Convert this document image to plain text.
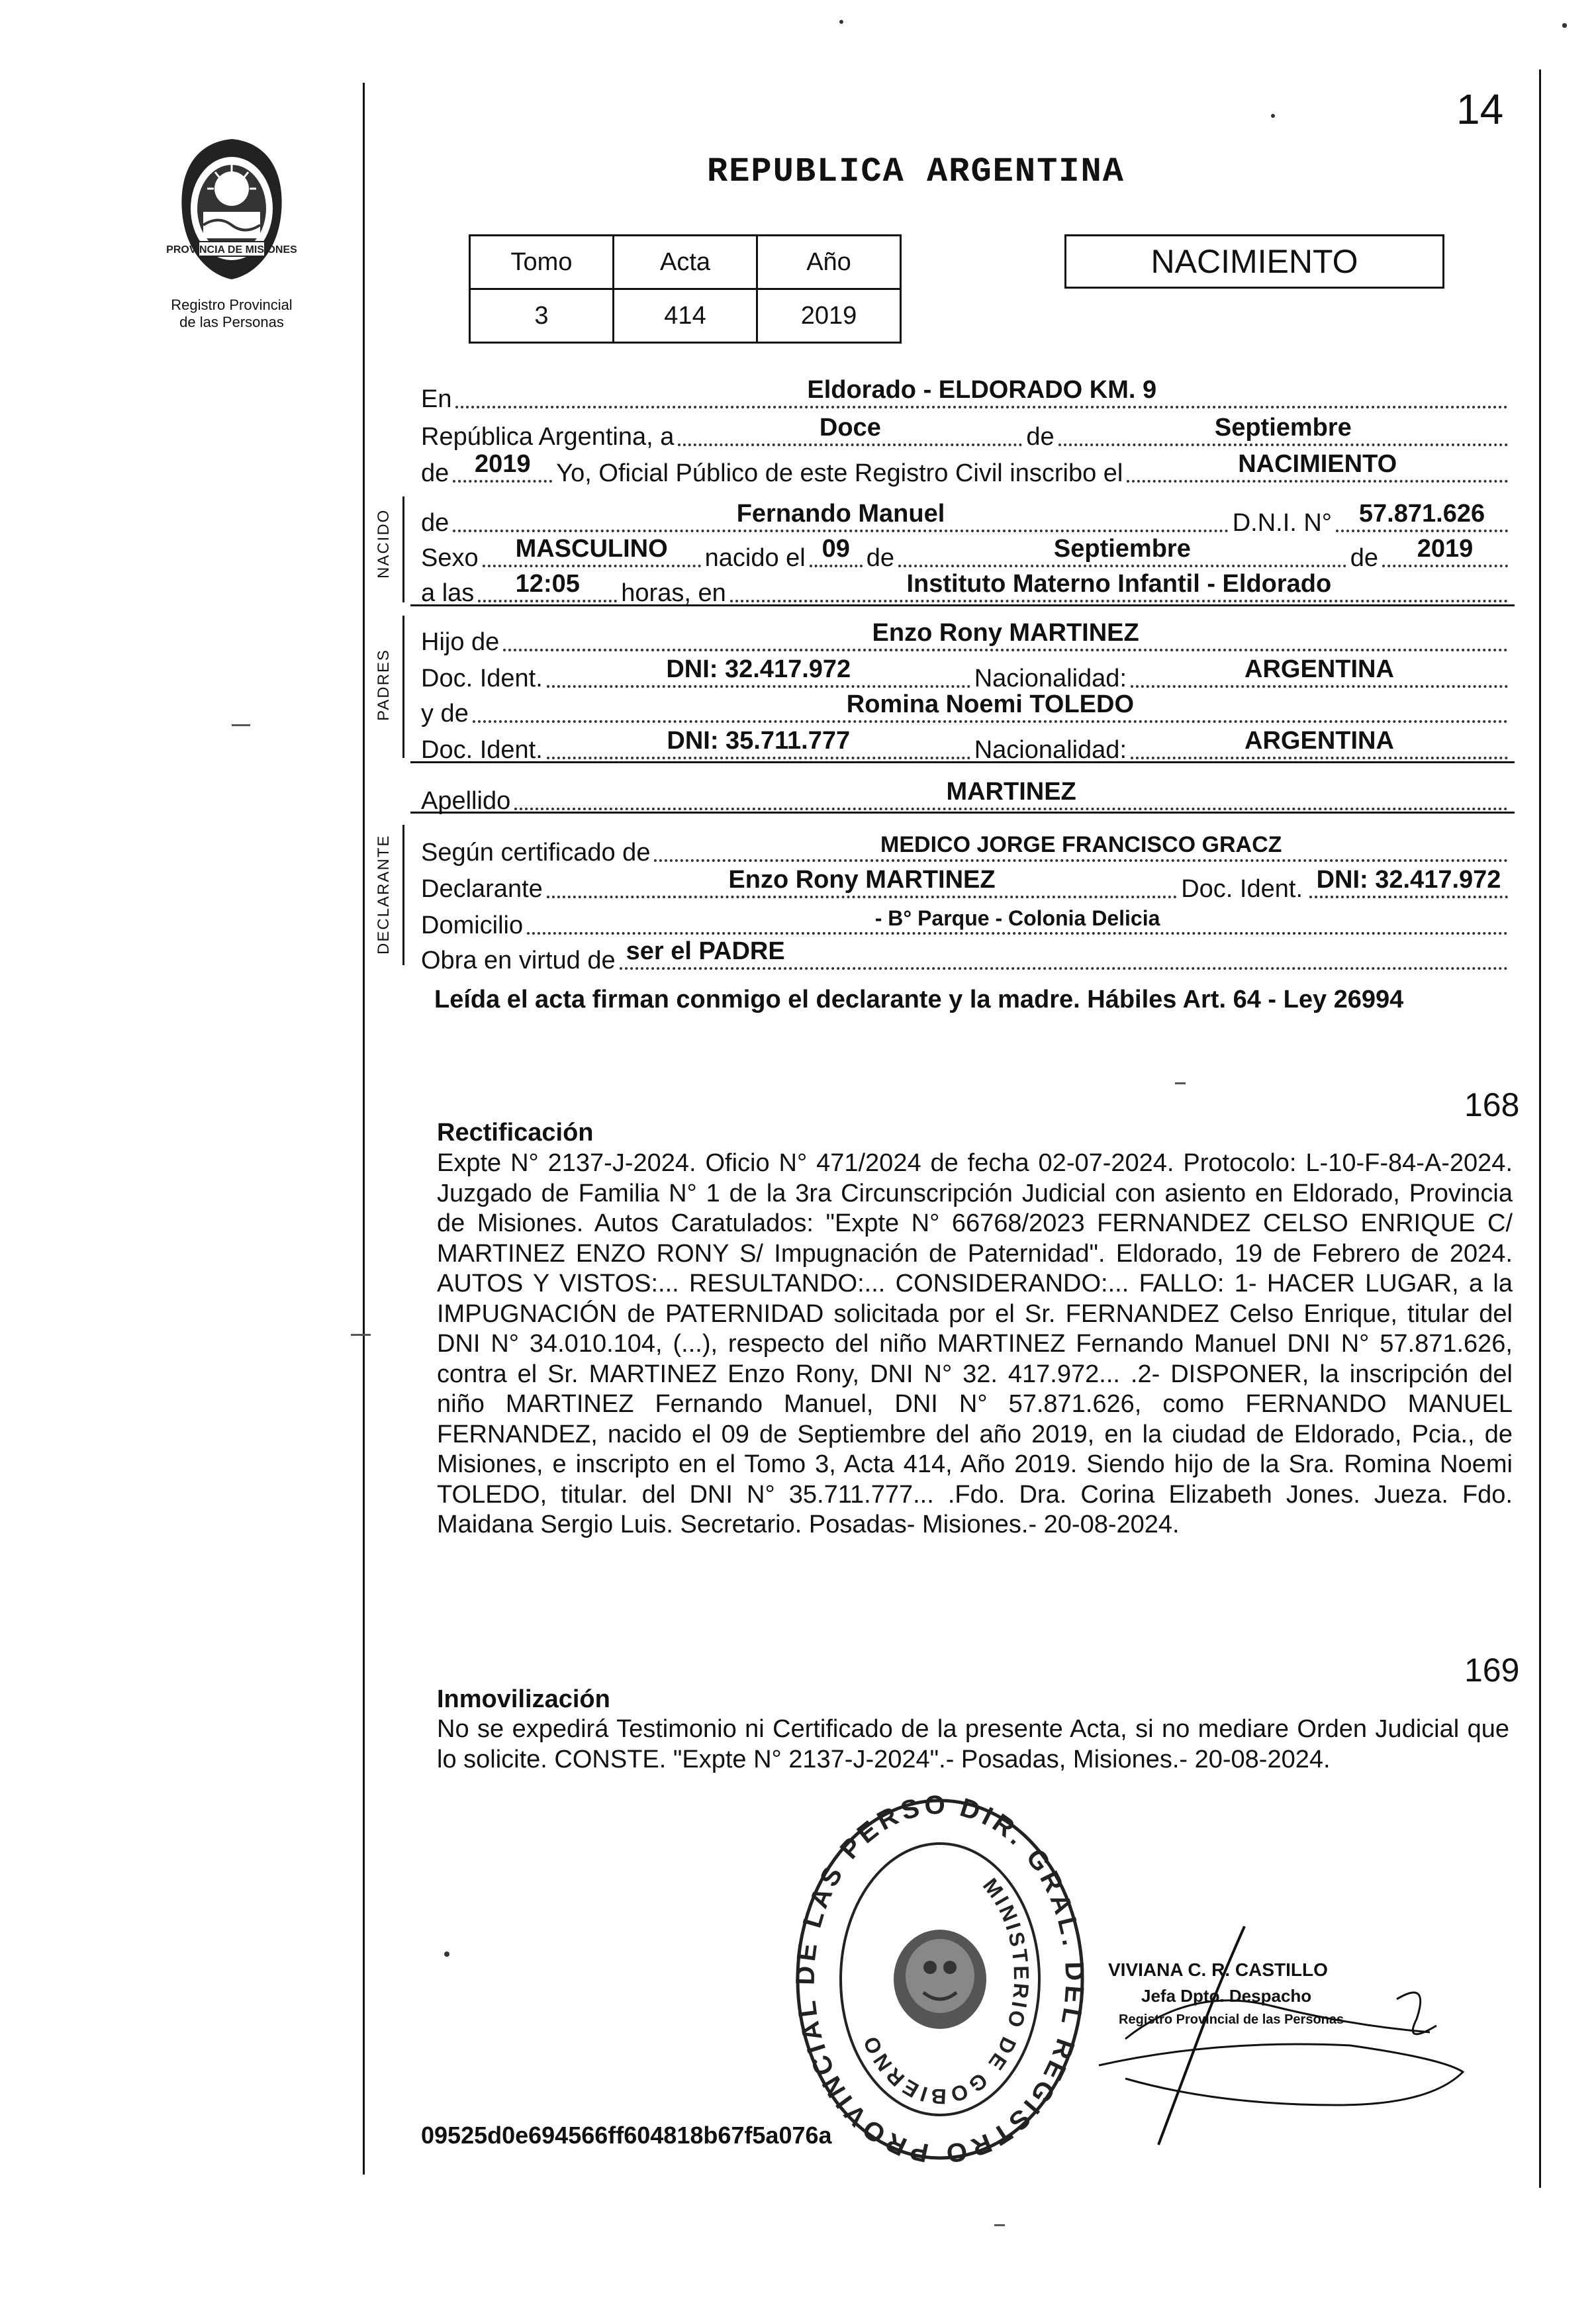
14
PROVINCIA DE MISIONES
Registro Provincial
de las Personas
REPUBLICA ARGENTINA
Tomo	Acta	Año
3	414	2019
NACIMIENTO
NACIDO
PADRES
DECLARANTE
En	Eldorado - ELDORADO KM. 9
República Argentina, a	Doce	de	Septiembre
de	2019	Yo, Oficial Público de este Registro Civil inscribo el	NACIMIENTO
de	Fernando Manuel	D.N.I. N°	57.871.626
Sexo	MASCULINO	nacido el 09 de	Septiembre	de	2019
a las	12:05	horas, en	Instituto Materno Infantil - Eldorado
Hijo de	Enzo Rony MARTINEZ
Doc. Ident.	DNI: 32.417.972	Nacionalidad:	ARGENTINA
y de	Romina Noemi TOLEDO
Doc. Ident.	DNI: 35.711.777	Nacionalidad:	ARGENTINA
Apellido	MARTINEZ
Según certificado de	MEDICO JORGE FRANCISCO GRACZ
Declarante	Enzo Rony MARTINEZ	Doc. Ident. DNI: 32.417.972
Domicilio	- B° Parque - Colonia Delicia
Obra en virtud de ser el PADRE
Leída el acta firman conmigo el declarante y la madre. Hábiles Art. 64 - Ley 26994
168
Rectificación
Expte N° 2137-J-2024. Oficio N° 471/2024 de fecha 02-07-2024. Protocolo: L-10-F-84-A-2024. Juzgado de Familia N° 1 de la 3ra Circunscripción Judicial con asiento en Eldorado, Provincia de Misiones. Autos Caratulados: "Expte N° 66768/2023 FERNANDEZ CELSO ENRIQUE C/ MARTINEZ ENZO RONY S/ Impugnación de Paternidad". Eldorado, 19 de Febrero de 2024. AUTOS Y VISTOS:... RESULTANDO:... CONSIDERANDO:... FALLO: 1- HACER LUGAR, a la IMPUGNACIÓN de PATERNIDAD solicitada por el Sr. FERNANDEZ Celso Enrique, titular del DNI N° 34.010.104, (...), respecto del niño MARTINEZ Fernando Manuel DNI N° 57.871.626, contra el Sr. MARTINEZ Enzo Rony, DNI N° 32. 417.972... .2- DISPONER, la inscripción del niño MARTINEZ Fernando Manuel, DNI N° 57.871.626, como FERNANDO MANUEL FERNANDEZ, nacido el 09 de Septiembre del año 2019, en la ciudad de Eldorado, Pcia., de Misiones, e inscripto en el Tomo 3, Acta 414, Año 2019. Siendo hijo de la Sra. Romina Noemi TOLEDO, titular. del DNI N° 35.711.777... .Fdo. Dra. Corina Elizabeth Jones. Jueza. Fdo. Maidana Sergio Luis. Secretario. Posadas- Misiones.- 20-08-2024.
169
Inmovilización
No se expedirá Testimonio ni Certificado de la presente Acta, si no mediare Orden Judicial que lo solicite. CONSTE. "Expte N° 2137-J-2024".- Posadas, Misiones.- 20-08-2024.
DIR. GRAL. DEL REGISTRO PROVINCIAL DE LAS PERSO
MINISTERIO DE GOBIERNO
VIVIANA C. R. CASTILLO
Jefa Dpto. Despacho
Registro Provincial de las Personas
09525d0e694566ff604818b67f5a076a
